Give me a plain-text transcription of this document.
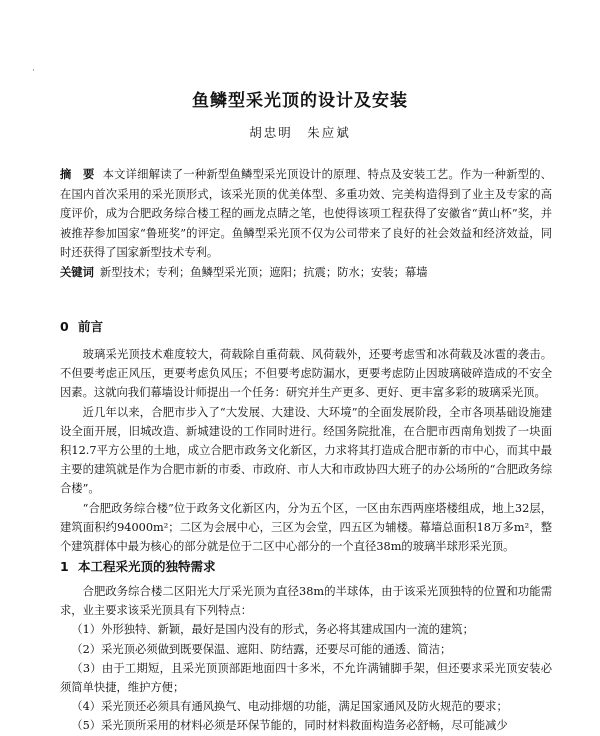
·
鱼鳞型采光顶的设计及安装
胡忠明　朱应斌
摘　要 本文详细解读了一种新型鱼鳞型采光顶设计的原理、特点及安装工艺。作为一种新型的、在国内首次采用的采光顶形式，该采光顶的优美体型、多重功效、完美构造得到了业主及专家的高度评价，成为合肥政务综合楼工程的画龙点睛之笔，也使得该项工程获得了安徽省“黄山杯”奖，并被推荐参加国家“鲁班奖”的评定。鱼鳞型采光顶不仅为公司带来了良好的社会效益和经济效益，同时还获得了国家新型技术专利。
关键词 新型技术；专利；鱼鳞型采光顶；遮阳；抗震；防水；安装；幕墙
0 前言

玻璃采光顶技术难度较大，荷载除自重荷载、风荷载外，还要考虑雪和冰荷载及冰雹的袭击。不但要考虑正风压，更要考虑负风压；不但要考虑防漏水，更要考虑防止因玻璃破碎造成的不安全因素。这就向我们幕墙设计师提出一个任务：研究并生产更多、更好、更丰富多彩的玻璃采光顶。

近几年以来，合肥市步入了“大发展、大建设、大环境”的全面发展阶段，全市各项基础设施建设全面开展，旧城改造、新城建设的工作同时进行。经国务院批准，在合肥市西南角划拨了一块面积12.7平方公里的土地，成立合肥市政务文化新区，力求将其打造成合肥市新的市中心，而其中最主要的建筑就是作为合肥市新的市委、市政府、市人大和市政协四大班子的办公场所的“合肥政务综合楼”。

“合肥政务综合楼”位于政务文化新区内，分为五个区，一区由东西两座塔楼组成，地上32层，建筑面积约94000m²；二区为会展中心，三区为会堂，四五区为辅楼。幕墙总面积18万多m²，整个建筑群体中最为核心的部分就是位于二区中心部分的一个直径38m的玻璃半球形采光顶。

1 本工程采光顶的独特需求

合肥政务综合楼二区阳光大厅采光顶为直径38m的半球体，由于该采光顶独特的位置和功能需求，业主要求该采光顶具有下列特点：

（1）外形独特、新颖，最好是国内没有的形式，务必将其建成国内一流的建筑；

（2）采光顶必须做到既要保温、遮阳、防结露，还要尽可能的通透、简洁；

（3）由于工期短，且采光顶顶部距地面四十多米，不允许满铺脚手架，但还要求采光顶安装必须简单快捷，维护方便；

（4）采光顶还必须具有通风换气、电动排烟的功能，满足国家通风及防火规范的要求；

（5）采光顶所采用的材料必须是环保节能的，同时材料救面构造务必舒畅，尽可能减少
